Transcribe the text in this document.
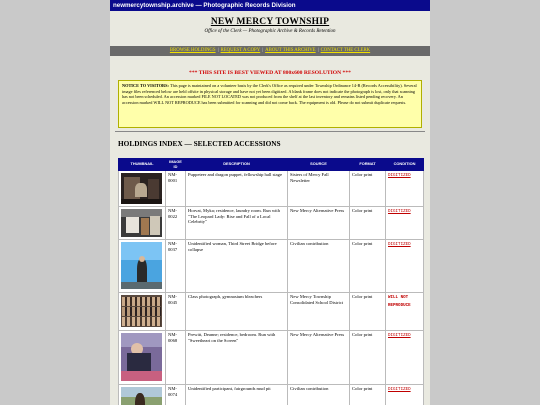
newmercytownship.archive — Photographic Records Division
NEW MERCY TOWNSHIP
Office of the Clerk — Photographic Archive & Records Retention
BROWSE HOLDINGS | REQUEST A COPY | ABOUT THIS ARCHIVE | CONTACT THE CLERK
*** THIS SITE IS BEST VIEWED AT 800x600 RESOLUTION ***
NOTICE TO VISITORS: This page is maintained on a volunteer basis by the Clerk's Office as required under Township Ordinance 14-B (Records Accessibility). Several image files referenced below are held offsite in physical storage and have not yet been digitized. A blank frame does not indicate the photograph is lost, only that scanning has not been scheduled. An accession marked FILE NOT LOCATED was not produced from the shelf at the last inventory and remains listed pending recovery. An accession marked WILL NOT REPRODUCE has been submitted for scanning and did not come back. The equipment is old. Please do not submit duplicate requests.
HOLDINGS INDEX — SELECTED ACCESSIONS
THUMBNAIL	IMAGE ID	DESCRIPTION	SOURCE	FORMAT	CONDITION

	NM-0001	Puppeteer and dragon puppet, fellowship hall stage	Sisters of Mercy Fall Newsletter	Color print	DIGITIZED

	NM-0022	Horvat, Myka; residence, laundry room. Run with "The Leopard Lady: Rise and Fall of a Local Celebrity"	New Mercy Alternative Press	Color print	DIGITIZED

	NM-0037	Unidentified woman, Third Street Bridge before collapse	Civilian contribution	Color print	DIGITIZED

	NM-0045	Class photograph, gymnasium bleachers	New Mercy Township Consolidated School District	Color print	WILL NOT REPRODUCE

	NM-0068	Prewitt, Deanne; residence, bedroom. Run with "Sweetheart on the Screen"	New Mercy Alternative Press	Color print	DIGITIZED

	NM-0074	Unidentified participant, fairgrounds mud pit	Civilian contribution	Color print	DIGITIZED
